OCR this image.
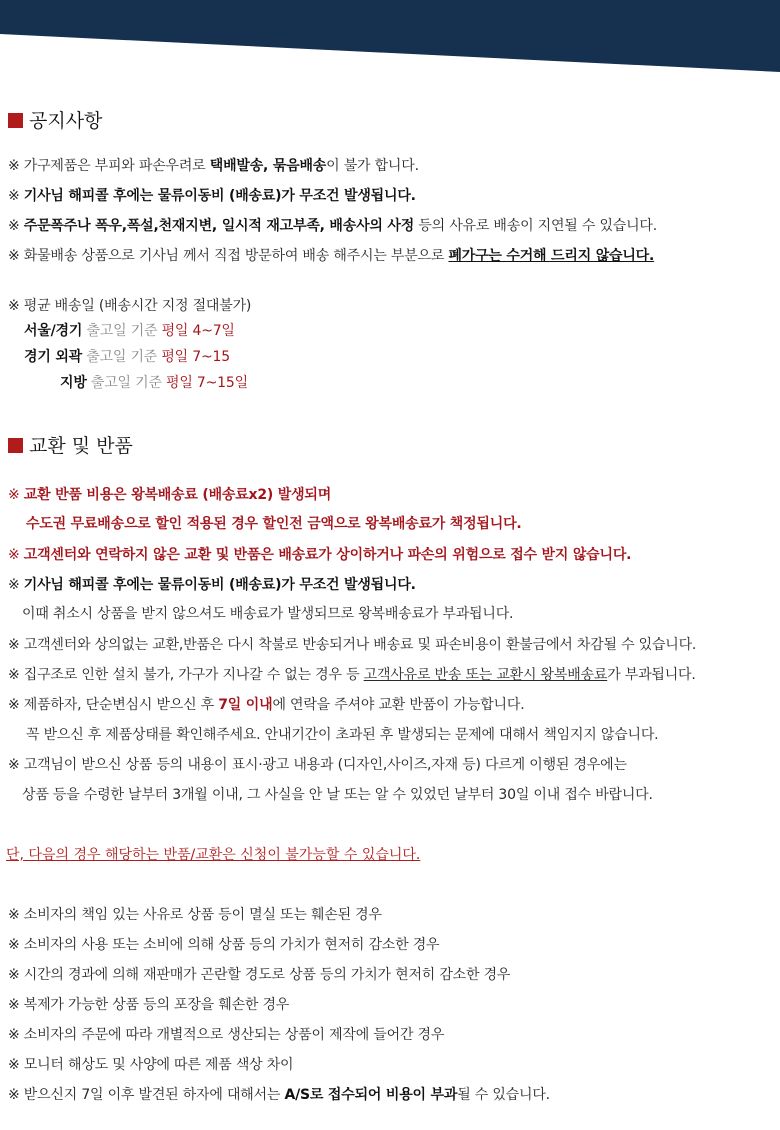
공지사항
※ 가구제품은 부피와 파손우려로 택배발송, 묶음배송이 불가 합니다.
※ 기사님 해피콜 후에는 물류이동비 (배송료)가 무조건 발생됩니다.
※ 주문폭주나 폭우,폭설,천재지변, 일시적 재고부족, 배송사의 사정 등의 사유로 배송이 지연될 수 있습니다.
※ 화물배송 상품으로 기사님 께서 직접 방문하여 배송 해주시는 부분으로 폐가구는 수거해 드리지 않습니다.
※ 평균 배송일 (배송시간 지정 절대불가)
서울/경기 출고일 기준 평일 4~7일
경기 외곽 출고일 기준 평일 7~15
지방 출고일 기준 평일 7~15일
교환 및 반품
※ 교환 반품 비용은 왕복배송료 (배송료x2) 발생되며
수도권 무료배송으로 할인 적용된 경우 할인전 금액으로 왕복배송료가 책정됩니다.
※ 고객센터와 연락하지 않은 교환 및 반품은 배송료가 상이하거나 파손의 위험으로 접수 받지 않습니다.
※ 기사님 해피콜 후에는 물류이동비 (배송료)가 무조건 발생됩니다.
이때 취소시 상품을 받지 않으셔도 배송료가 발생되므로 왕복배송료가 부과됩니다.
※ 고객센터와 상의없는 교환,반품은 다시 착불로 반송되거나 배송료 및 파손비용이 환불금에서 차감될 수 있습니다.
※ 집구조로 인한 설치 불가, 가구가 지나갈 수 없는 경우 등 고객사유로 반송 또는 교환시 왕복배송료가 부과됩니다.
※ 제품하자, 단순변심시 받으신 후 7일 이내에 연락을 주셔야 교환 반품이 가능합니다.
꼭 받으신 후 제품상태를 확인해주세요. 안내기간이 초과된 후 발생되는 문제에 대해서 책임지지 않습니다.
※ 고객님이 받으신 상품 등의 내용이 표시·광고 내용과 (디자인,사이즈,자재 등) 다르게 이행된 경우에는
상품 등을 수령한 날부터 3개월 이내, 그 사실을 안 날 또는 알 수 있었던 날부터 30일 이내 접수 바랍니다.
단, 다음의 경우 해당하는 반품/교환은 신청이 불가능할 수 있습니다.
※ 소비자의 책임 있는 사유로 상품 등이 멸실 또는 훼손된 경우
※ 소비자의 사용 또는 소비에 의해 상품 등의 가치가 현저히 감소한 경우
※ 시간의 경과에 의해 재판매가 곤란할 경도로 상품 등의 가치가 현저히 감소한 경우
※ 복제가 가능한 상품 등의 포장을 훼손한 경우
※ 소비자의 주문에 따라 개별적으로 생산되는 상품이 제작에 들어간 경우
※ 모니터 해상도 및 사양에 따른 제품 색상 차이
※ 받으신지 7일 이후 발견된 하자에 대해서는 A/S로 접수되어 비용이 부과될 수 있습니다.
